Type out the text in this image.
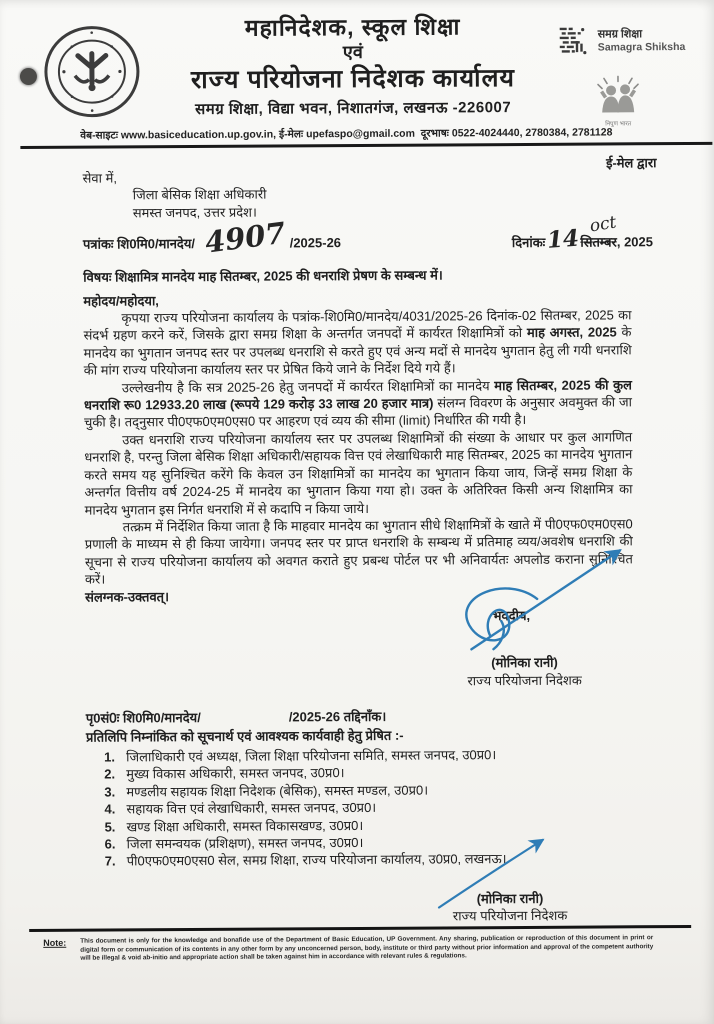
महानिदेशक, स्कूल शिक्षा
एवं
राज्य परियोजना निदेशक कार्यालय
समग्र शिक्षा, विद्या भवन, निशातगंज, लखनऊ -226007
समग्र शिक्षा
Samagra Shiksha
निपुण भारत
वेब-साइटः www.basiceducation.up.gov.in, ई-मेलः upefaspo@gmail.com दूरभाषः 0522-4024440, 2780384, 2781128
ई-मेल द्वारा
सेवा में,
जिला बेसिक शिक्षा अधिकारी
समस्त जनपद, उत्तर प्रदेश।
पत्रांकः शि0मि0/मानदेय/ 4907 /2025-26	दिनांकः14सितम्बर
oct
, 2025
विषयः शिक्षामित्र मानदेय माह सितम्बर, 2025 की धनराशि प्रेषण के सम्बन्ध में।
महोदय/महोदया,

कृपया राज्य परियोजना कार्यालय के पत्रांक-शि0मि0/मानदेय/4031/2025-26 दिनांक-02 सितम्बर, 2025 का संदर्भ ग्रहण करने करें, जिसके द्वारा समग्र शिक्षा के अन्तर्गत जनपदों में कार्यरत शिक्षामित्रों को माह अगस्त, 2025 के मानदेय का भुगतान जनपद स्तर पर उपलब्ध धनराशि से करते हुए एवं अन्य मदों से मानदेय भुगतान हेतु ली गयी धनराशि की मांग राज्य परियोजना कार्यालय स्तर पर प्रेषित किये जाने के निर्देश दिये गये हैं।

उल्लेखनीय है कि सत्र 2025-26 हेतु जनपदों में कार्यरत शिक्षामित्रों का मानदेय माह सितम्बर, 2025 की कुल धनराशि रू0 12933.20 लाख (रूपये 129 करोड़ 33 लाख 20 हजार मात्र) संलग्न विवरण के अनुसार अवमुक्त की जा चुकी है। तद्नुसार पी0एफ0एम0एस0 पर आहरण एवं व्यय की सीमा (limit) निर्धारित की गयी है।

उक्त धनराशि राज्य परियोजना कार्यालय स्तर पर उपलब्ध शिक्षामित्रों की संख्या के आधार पर कुल आगणित धनराशि है, परन्तु जिला बेसिक शिक्षा अधिकारी/सहायक वित्त एवं लेखाधिकारी माह सितम्बर, 2025 का मानदेय भुगतान करते समय यह सुनिश्चित करेंगे कि केवल उन शिक्षामित्रों का मानदेय का भुगतान किया जाय, जिन्हें समग्र शिक्षा के अन्तर्गत वित्तीय वर्ष 2024-25 में मानदेय का भुगतान किया गया हो। उक्त के अतिरिक्त किसी अन्य शिक्षामित्र का मानदेय भुगतान इस निर्गत धनराशि में से कदापि न किया जाये।

तत्क्रम में निर्देशित किया जाता है कि माहवार मानदेय का भुगतान सीधे शिक्षामित्रों के खाते में पी0एफ0एम0एस0 प्रणाली के माध्यम से ही किया जायेगा। जनपद स्तर पर प्राप्त धनराशि के सम्बन्ध में प्रतिमाह व्यय/अवशेष धनराशि की सूचना से राज्य परियोजना कार्यालय को अवगत कराते हुए प्रबन्ध पोर्टल पर भी अनिवार्यतः अपलोड कराना सुनिश्चित करें।

संलग्नक-उक्तवत्।
भवदीय,
(मोनिका रानी)
राज्य परियोजना निदेशक
पृ0सं0ः शि0मि0/मानदेय/	/2025-26 तद्दिनाँक।
प्रतिलिपि निम्नांकित को सूचनार्थ एवं आवश्यक कार्यवाही हेतु प्रेषित :-
1. जिलाधिकारी एवं अध्यक्ष, जिला शिक्षा परियोजना समिति, समस्त जनपद, उ0प्र0।
2. मुख्य विकास अधिकारी, समस्त जनपद, उ0प्र0।
3. मण्डलीय सहायक शिक्षा निदेशक (बेसिक), समस्त मण्डल, उ0प्र0।
4. सहायक वित्त एवं लेखाधिकारी, समस्त जनपद, उ0प्र0।
5. खण्ड शिक्षा अधिकारी, समस्त विकासखण्ड, उ0प्र0।
6. जिला समन्वयक (प्रशिक्षण), समस्त जनपद, उ0प्र0।
7. पी0एफ0एम0एस0 सेल, समग्र शिक्षा, राज्य परियोजना कार्यालय, उ0प्र0, लखनऊ।
(मोनिका रानी)
राज्य परियोजना निदेशक
Note: This document is only for the knowledge and bonafide use of the Department of Basic Education, UP Government. Any sharing, publication or reproduction of this document in print or digital form or communication of its contents in any other form by any unconcerned person, body, institute or third party without prior information and approval of the competent authority will be illegal & void ab-initio and appropriate action shall be taken against him in accordance with relevant rules & regulations.
